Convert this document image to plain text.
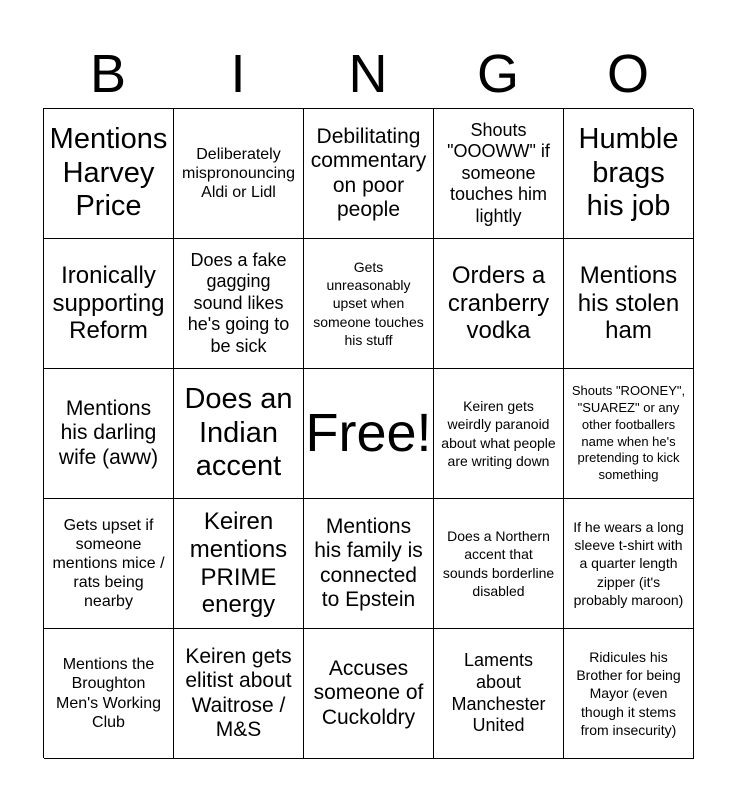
B	I	N	G	O
Mentions Harvey Price
Deliberately mispronouncing Aldi or Lidl
Debilitating commentary on poor people
Shouts "OOOWW" if someone touches him lightly
Humble brags his job
Ironically supporting Reform
Does a fake gagging sound likes he's going to be sick
Gets unreasonably upset when someone touches his stuff
Orders a cranberry vodka
Mentions his stolen ham
Mentions his darling wife (aww)
Does an Indian accent
Free!	Keiren gets weirdly paranoid about what people are writing down
Shouts "ROONEY", "SUAREZ" or any other footballers name when he's pretending to kick something
Gets upset if someone mentions mice / rats being nearby
Keiren mentions PRIME energy
Mentions his family is connected to Epstein
Does a Northern accent that sounds borderline disabled
If he wears a long sleeve t-shirt with a quarter length zipper (it's probably maroon)
Mentions the Broughton Men's Working Club
Keiren gets elitist about Waitrose / M&S
Accuses someone of Cuckoldry
Laments about Manchester United
Ridicules his Brother for being Mayor (even though it stems from insecurity)
